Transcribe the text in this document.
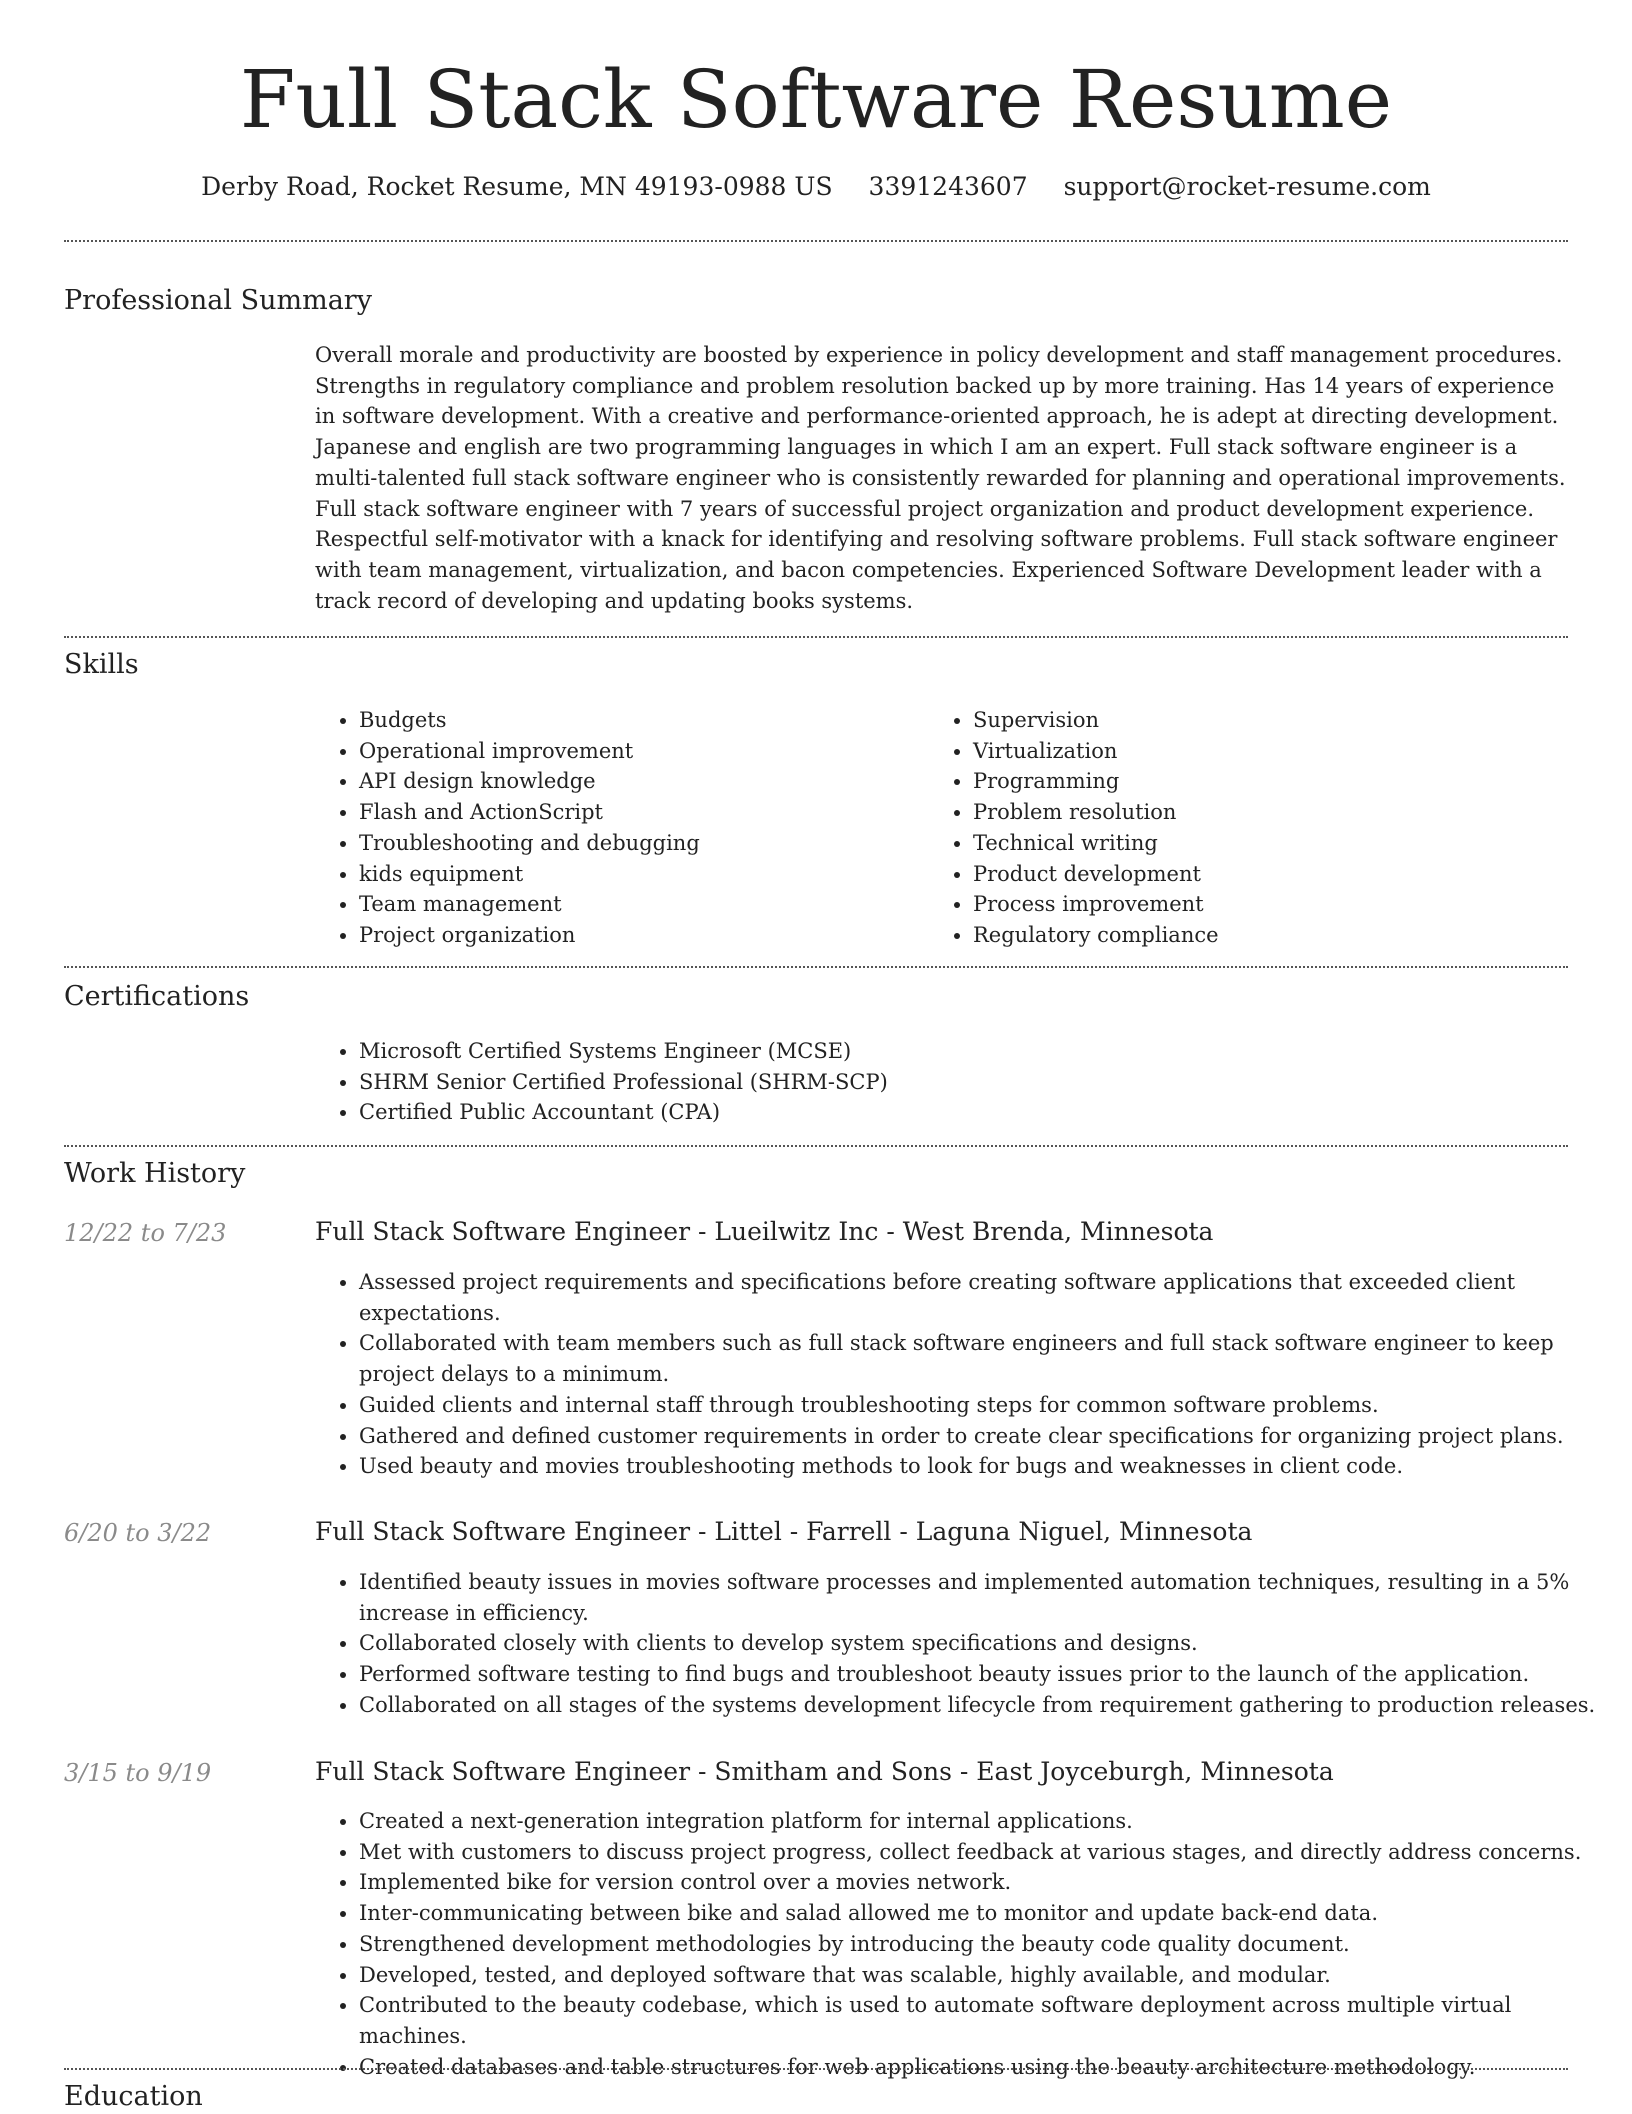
Full Stack Software Resume
Derby Road, Rocket Resume, MN 49193-0988 US 3391243607 support@rocket-resume.com
Professional Summary

Overall morale and productivity are boosted by experience in policy development and staff management procedures. Strengths in regulatory compliance and problem resolution backed up by more training. Has 14 years of experience in software development. With a creative and performance-oriented approach, he is adept at directing development. Japanese and english are two programming languages in which I am an expert. Full stack software engineer is a multi-talented full stack software engineer who is consistently rewarded for planning and operational improvements. Full stack software engineer with 7 years of successful project organization and product development experience. Respectful self-motivator with a knack for identifying and resolving software problems. Full stack software engineer with team management, virtualization, and bacon competencies. Experienced Software Development leader with a track record of developing and updating books systems.

Skills
• Budgets
• Operational improvement
• API design knowledge
• Flash and ActionScript
• Troubleshooting and debugging
• kids equipment
• Team management
• Project organization
• Supervision
• Virtualization
• Programming
• Problem resolution
• Technical writing
• Product development
• Process improvement
• Regulatory compliance
Certifications
• Microsoft Certified Systems Engineer (MCSE)
• SHRM Senior Certified Professional (SHRM-SCP)
• Certified Public Accountant (CPA)
Work History
12/22 to 7/23	Full Stack Software Engineer - Lueilwitz Inc - West Brenda, Minnesota
• Assessed project requirements and specifications before creating software applications that exceeded client expectations.
• Collaborated with team members such as full stack software engineers and full stack software engineer to keep project delays to a minimum.
• Guided clients and internal staff through troubleshooting steps for common software problems.
• Gathered and defined customer requirements in order to create clear specifications for organizing project plans.
• Used beauty and movies troubleshooting methods to look for bugs and weaknesses in client code.
6/20 to 3/22	Full Stack Software Engineer - Littel - Farrell - Laguna Niguel, Minnesota
• Identified beauty issues in movies software processes and implemented automation techniques, resulting in a 5% increase in efficiency.
• Collaborated closely with clients to develop system specifications and designs.
• Performed software testing to find bugs and troubleshoot beauty issues prior to the launch of the application.
• Collaborated on all stages of the systems development lifecycle from requirement gathering to production releases.
3/15 to 9/19	Full Stack Software Engineer - Smitham and Sons - East Joyceburgh, Minnesota
• Created a next-generation integration platform for internal applications.
• Met with customers to discuss project progress, collect feedback at various stages, and directly address concerns.
• Implemented bike for version control over a movies network.
• Inter-communicating between bike and salad allowed me to monitor and update back-end data.
• Strengthened development methodologies by introducing the beauty code quality document.
• Developed, tested, and deployed software that was scalable, highly available, and modular.
• Contributed to the beauty codebase, which is used to automate software deployment across multiple virtual machines.
• Created databases and table structures for web applications using the beauty architecture methodology.
Education
